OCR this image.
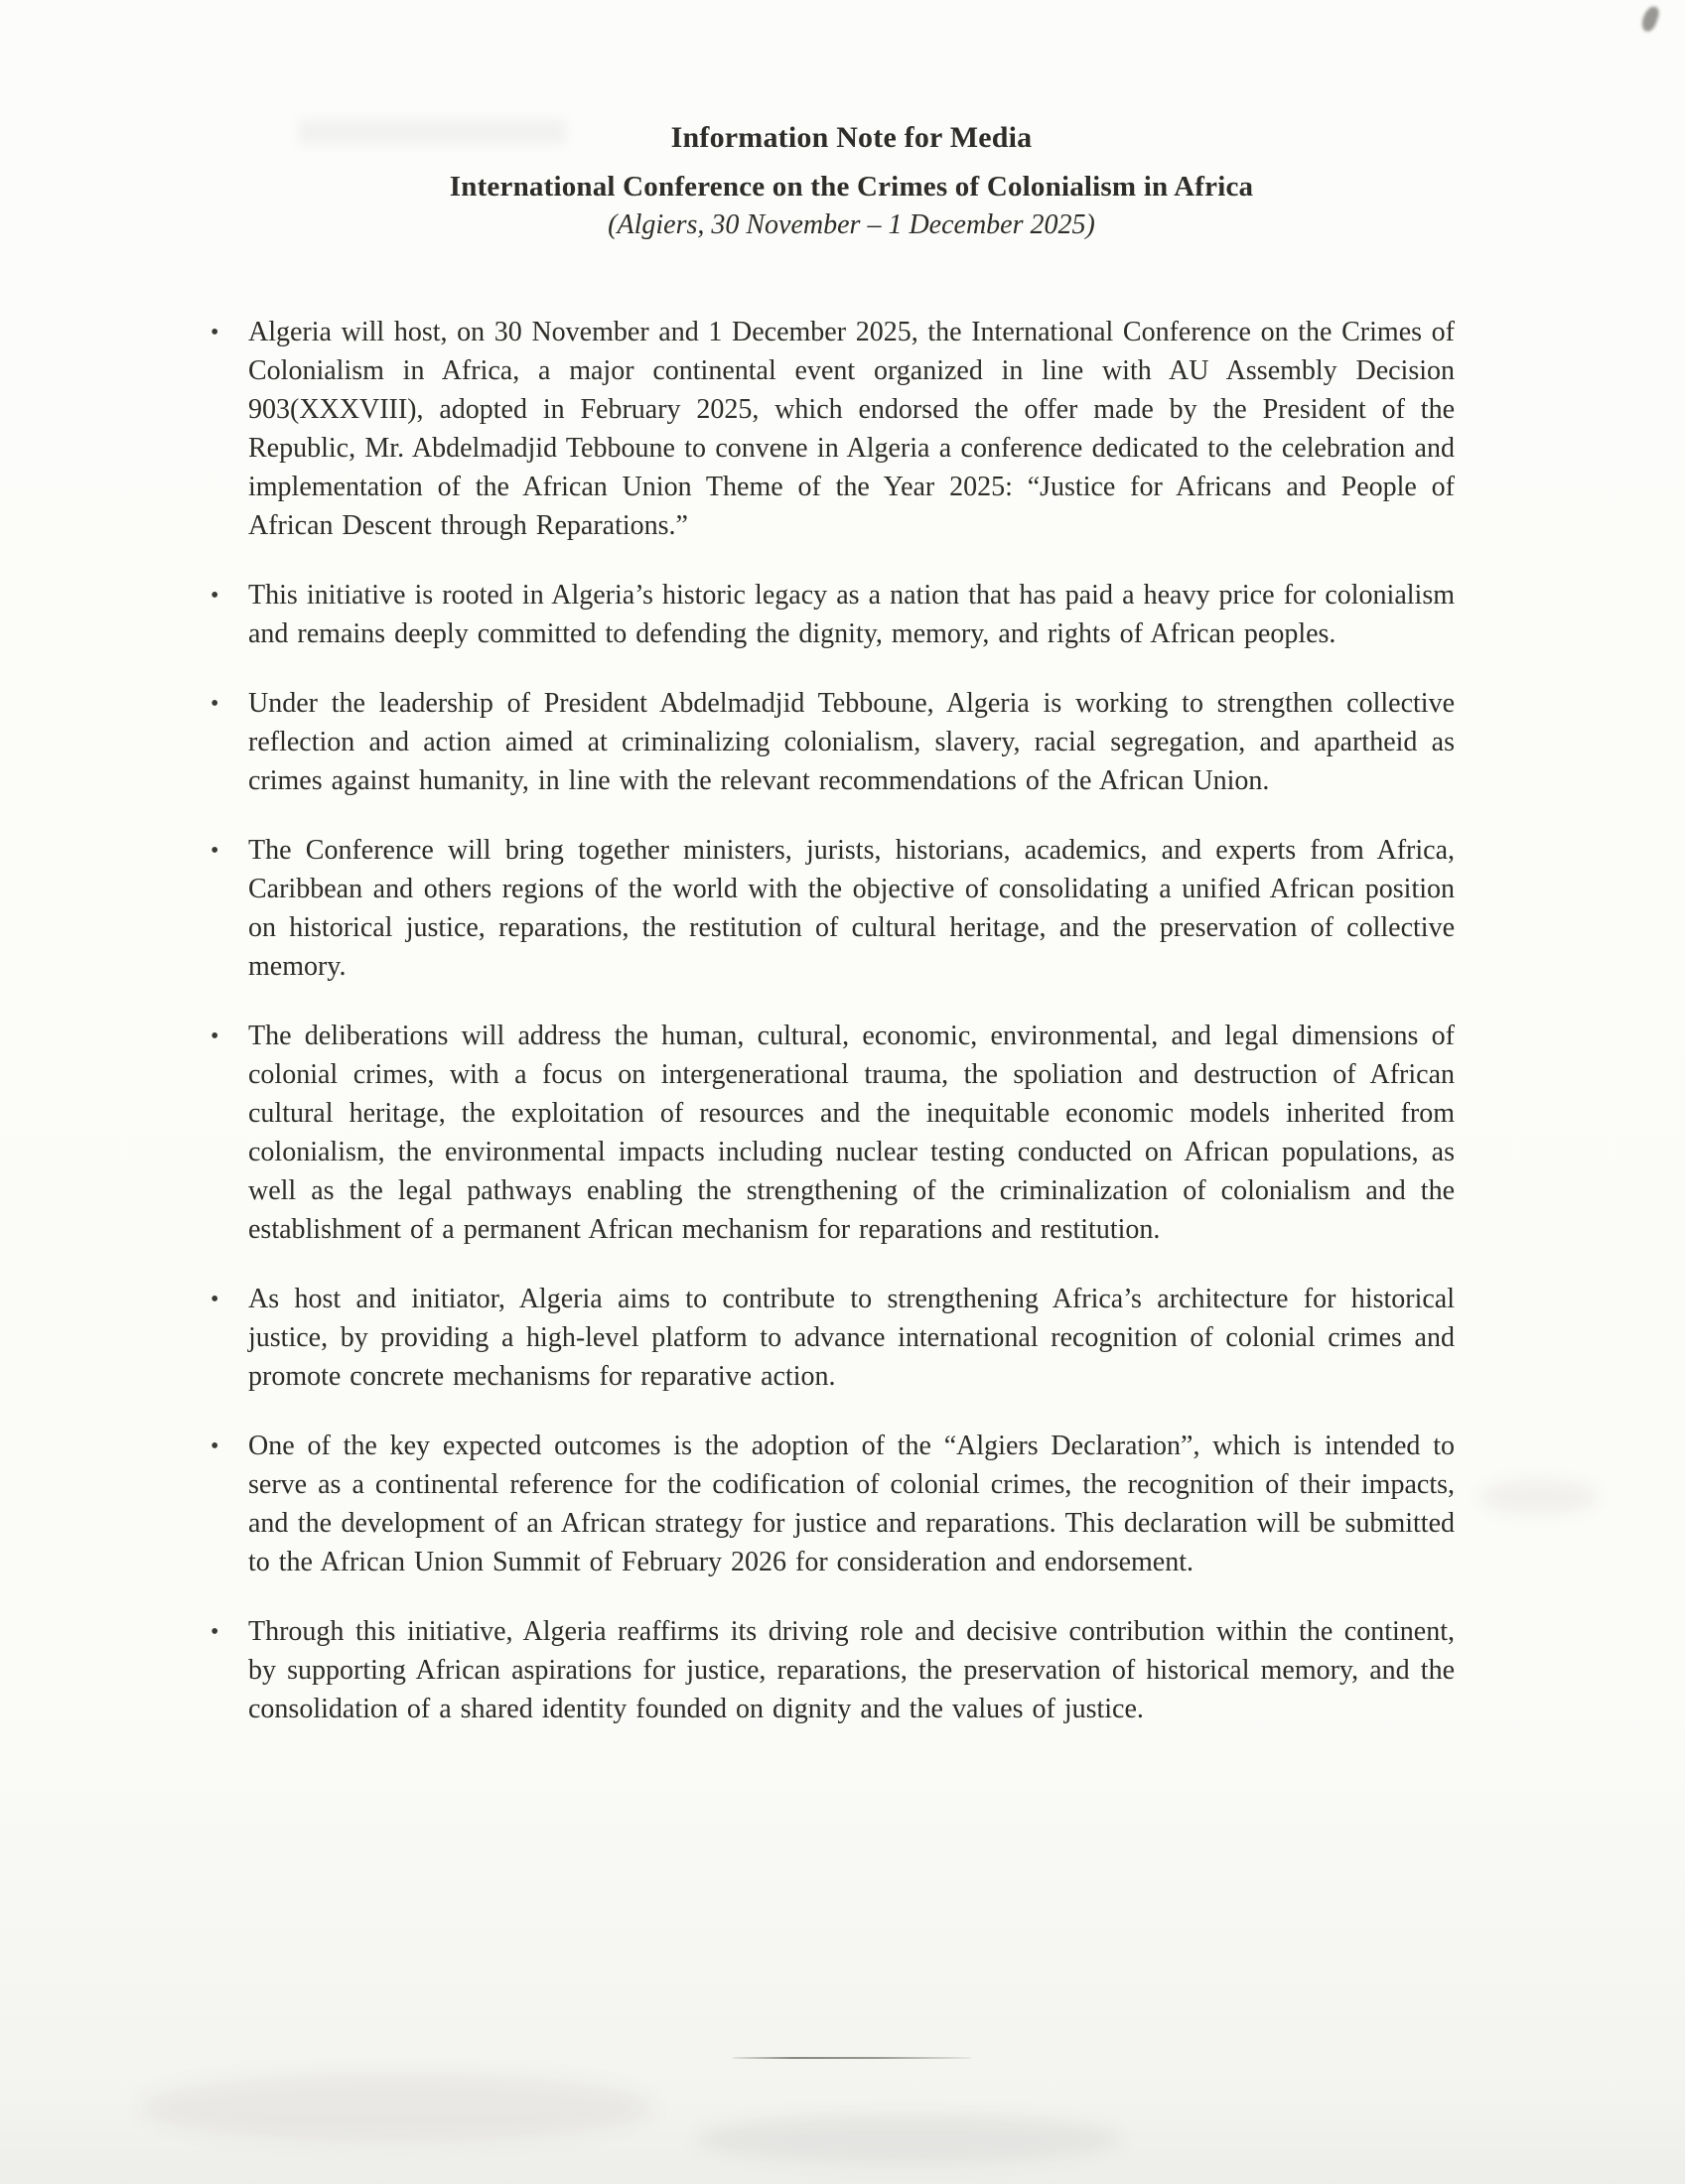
Information Note for Media
International Conference on the Crimes of Colonialism in Africa

(Algiers, 30 November – 1 December 2025)

• Algeria will host, on 30 November and 1 December 2025, the International Conference on the Crimes of Colonialism in Africa, a major continental event organized in line with AU Assembly Decision 903(XXXVIII), adopted in February 2025, which endorsed the offer made by the President of the Republic, Mr. Abdelmadjid Tebboune to convene in Algeria a conference dedicated to the celebration and implementation of the African Union Theme of the Year 2025: “Justice for Africans and People of African Descent through Reparations.”
• This initiative is rooted in Algeria’s historic legacy as a nation that has paid a heavy price for colonialism and remains deeply committed to defending the dignity, memory, and rights of African peoples.
• Under the leadership of President Abdelmadjid Tebboune, Algeria is working to strengthen collective reflection and action aimed at criminalizing colonialism, slavery, racial segregation, and apartheid as crimes against humanity, in line with the relevant recommendations of the African Union.
• The Conference will bring together ministers, jurists, historians, academics, and experts from Africa, Caribbean and others regions of the world with the objective of consolidating a unified African position on historical justice, reparations, the restitution of cultural heritage, and the preservation of collective memory.
• The deliberations will address the human, cultural, economic, environmental, and legal dimensions of colonial crimes, with a focus on intergenerational trauma, the spoliation and destruction of African cultural heritage, the exploitation of resources and the inequitable economic models inherited from colonialism, the environmental impacts including nuclear testing conducted on African populations, as well as the legal pathways enabling the strengthening of the criminalization of colonialism and the establishment of a permanent African mechanism for reparations and restitution.
• As host and initiator, Algeria aims to contribute to strengthening Africa’s architecture for historical justice, by providing a high-level platform to advance international recognition of colonial crimes and promote concrete mechanisms for reparative action.
• One of the key expected outcomes is the adoption of the “Algiers Declaration”, which is intended to serve as a continental reference for the codification of colonial crimes, the recognition of their impacts, and the development of an African strategy for justice and reparations. This declaration will be submitted to the African Union Summit of February 2026 for consideration and endorsement.
• Through this initiative, Algeria reaffirms its driving role and decisive contribution within the continent, by supporting African aspirations for justice, reparations, the preservation of historical memory, and the consolidation of a shared identity founded on dignity and the values of justice.
